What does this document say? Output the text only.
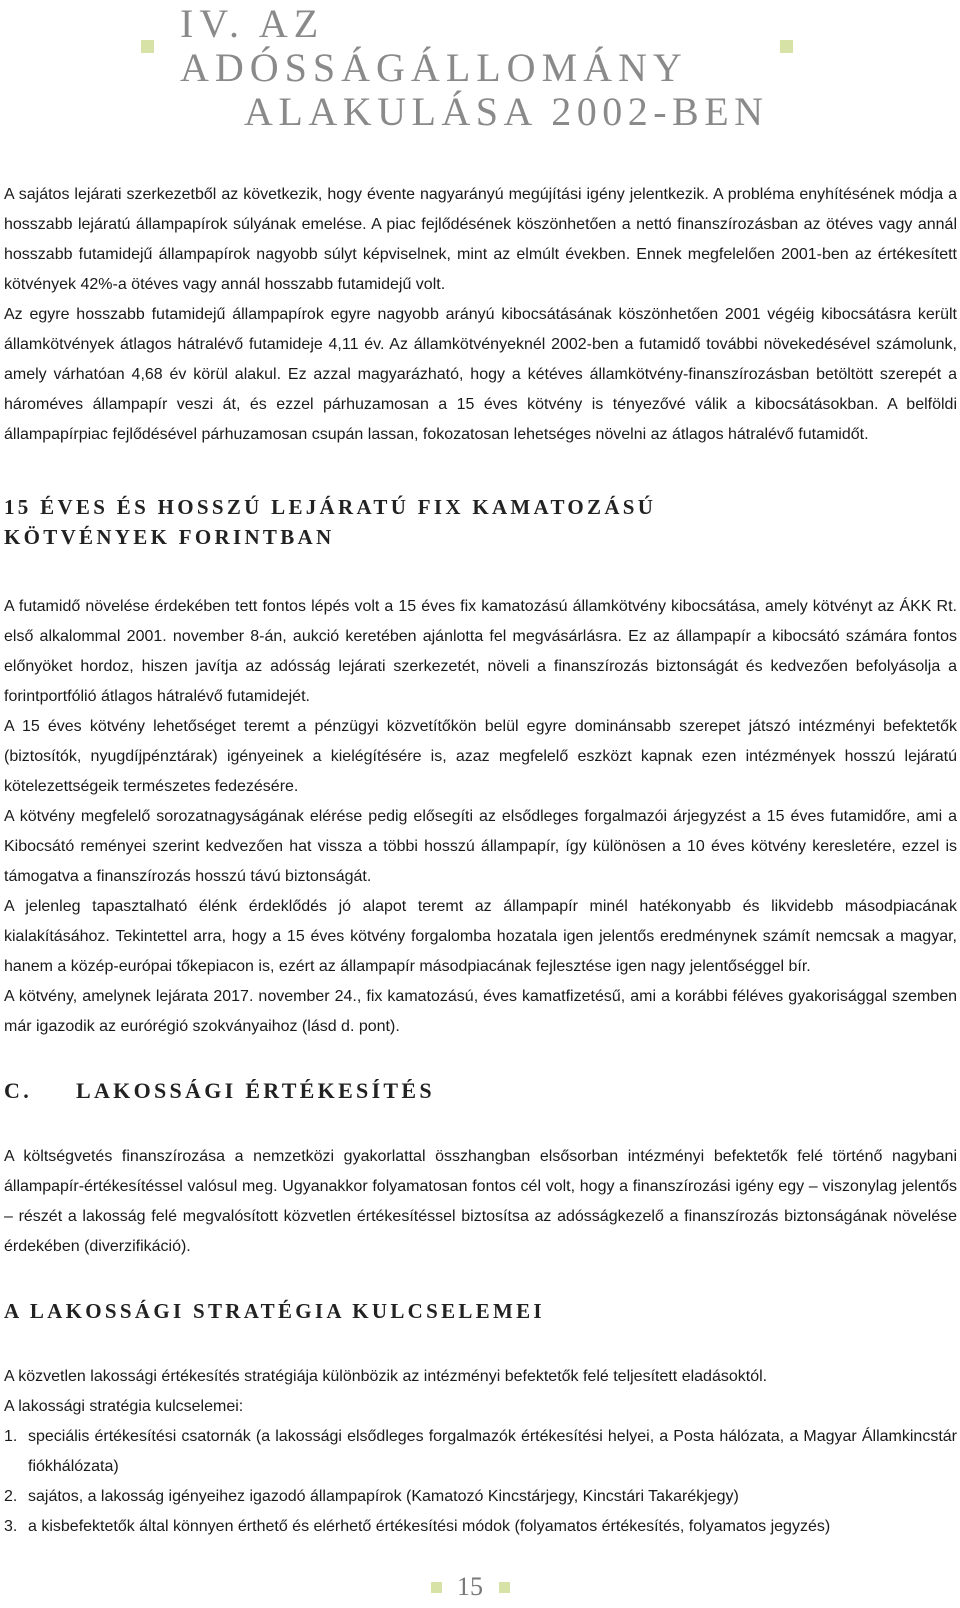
IV. AZ ADÓSSÁGÁLLOMÁNY
ALAKULÁSA 2002-BEN

A sajátos lejárati szerkezetből az következik, hogy évente nagyarányú megújítási igény jelentkezik. A probléma enyhítésének módja a hosszabb lejáratú állampapírok súlyának emelése. A piac fejlődésének köszönhetően a nettó finanszírozásban az ötéves vagy annál hosszabb futamidejű állampapírok nagyobb súlyt képviselnek, mint az elmúlt években. Ennek megfelelően 2001-ben az értékesített kötvények 42%-a ötéves vagy annál hosszabb futamidejű volt.

Az egyre hosszabb futamidejű állampapírok egyre nagyobb arányú kibocsátásának köszönhetően 2001 végéig kibocsátásra került államkötvények átlagos hátralévő futamideje 4,11 év. Az államkötvényeknél 2002-ben a futamidő további növekedésével számolunk, amely várhatóan 4,68 év körül alakul. Ez azzal magyarázható, hogy a kétéves államkötvény-finanszírozásban betöltött szerepét a hároméves állampapír veszi át, és ezzel párhuzamosan a 15 éves kötvény is tényezővé válik a kibocsátásokban. A belföldi állampapírpiac fejlődésével párhuzamosan csupán lassan, fokozatosan lehetséges növelni az átlagos hátralévő futamidőt.

15 ÉVES ÉS HOSSZÚ LEJÁRATÚ FIX KAMATOZÁSÚ
KÖTVÉNYEK FORINTBAN

A futamidő növelése érdekében tett fontos lépés volt a 15 éves fix kamatozású államkötvény kibocsátása, amely kötvényt az ÁKK Rt. első alkalommal 2001. november 8-án, aukció keretében ajánlotta fel megvásárlásra. Ez az állampapír a kibocsátó számára fontos előnyöket hordoz, hiszen javítja az adósság lejárati szerkezetét, növeli a finanszírozás biztonságát és kedvezően befolyásolja a forintportfólió átlagos hátralévő futamidejét.

A 15 éves kötvény lehetőséget teremt a pénzügyi közvetítőkön belül egyre dominánsabb szerepet játszó intézményi befektetők (biztosítók, nyugdíjpénztárak) igényeinek a kielégítésére is, azaz megfelelő eszközt kapnak ezen intézmények hosszú lejáratú kötelezettségeik természetes fedezésére.

A kötvény megfelelő sorozatnagyságának elérése pedig elősegíti az elsődleges forgalmazói árjegyzést a 15 éves futamidőre, ami a Kibocsátó reményei szerint kedvezően hat vissza a többi hosszú állampapír, így különösen a 10 éves kötvény keresletére, ezzel is támogatva a finanszírozás hosszú távú biztonságát.

A jelenleg tapasztalható élénk érdeklődés jó alapot teremt az állampapír minél hatékonyabb és likvidebb másodpiacának kialakításához. Tekintettel arra, hogy a 15 éves kötvény forgalomba hozatala igen jelentős eredménynek számít nemcsak a magyar, hanem a közép-európai tőkepiacon is, ezért az állampapír másodpiacának fejlesztése igen nagy jelentőséggel bír.

A kötvény, amelynek lejárata 2017. november 24., fix kamatozású, éves kamatfizetésű, ami a korábbi féléves gyakorisággal szemben már igazodik az eurórégió szokványaihoz (lásd d. pont).

C.	LAKOSSÁGI ÉRTÉKESÍTÉS

A költségvetés finanszírozása a nemzetközi gyakorlattal összhangban elsősorban intézményi befektetők felé történő nagybani állampapír-értékesítéssel valósul meg. Ugyanakkor folyamatosan fontos cél volt, hogy a finanszírozási igény egy – viszonylag jelentős – részét a lakosság felé megvalósított közvetlen értékesítéssel biztosítsa az adósságkezelő a finanszírozás biztonságának növelése érdekében (diverzifikáció).

A LAKOSSÁGI STRATÉGIA KULCSELEMEI

A közvetlen lakossági értékesítés stratégiája különbözik az intézményi befektetők felé teljesített eladásoktól.

A lakossági stratégia kulcselemei:

1. speciális értékesítési csatornák (a lakossági elsődleges forgalmazók értékesítési helyei, a Posta hálózata, a Magyar Államkincstár fiókhálózata)
2. sajátos, a lakosság igényeihez igazodó állampapírok (Kamatozó Kincstárjegy, Kincstári Takarékjegy)
3. a kisbefektetők által könnyen érthető és elérhető értékesítési módok (folyamatos értékesítés, folyamatos jegyzés)
15
